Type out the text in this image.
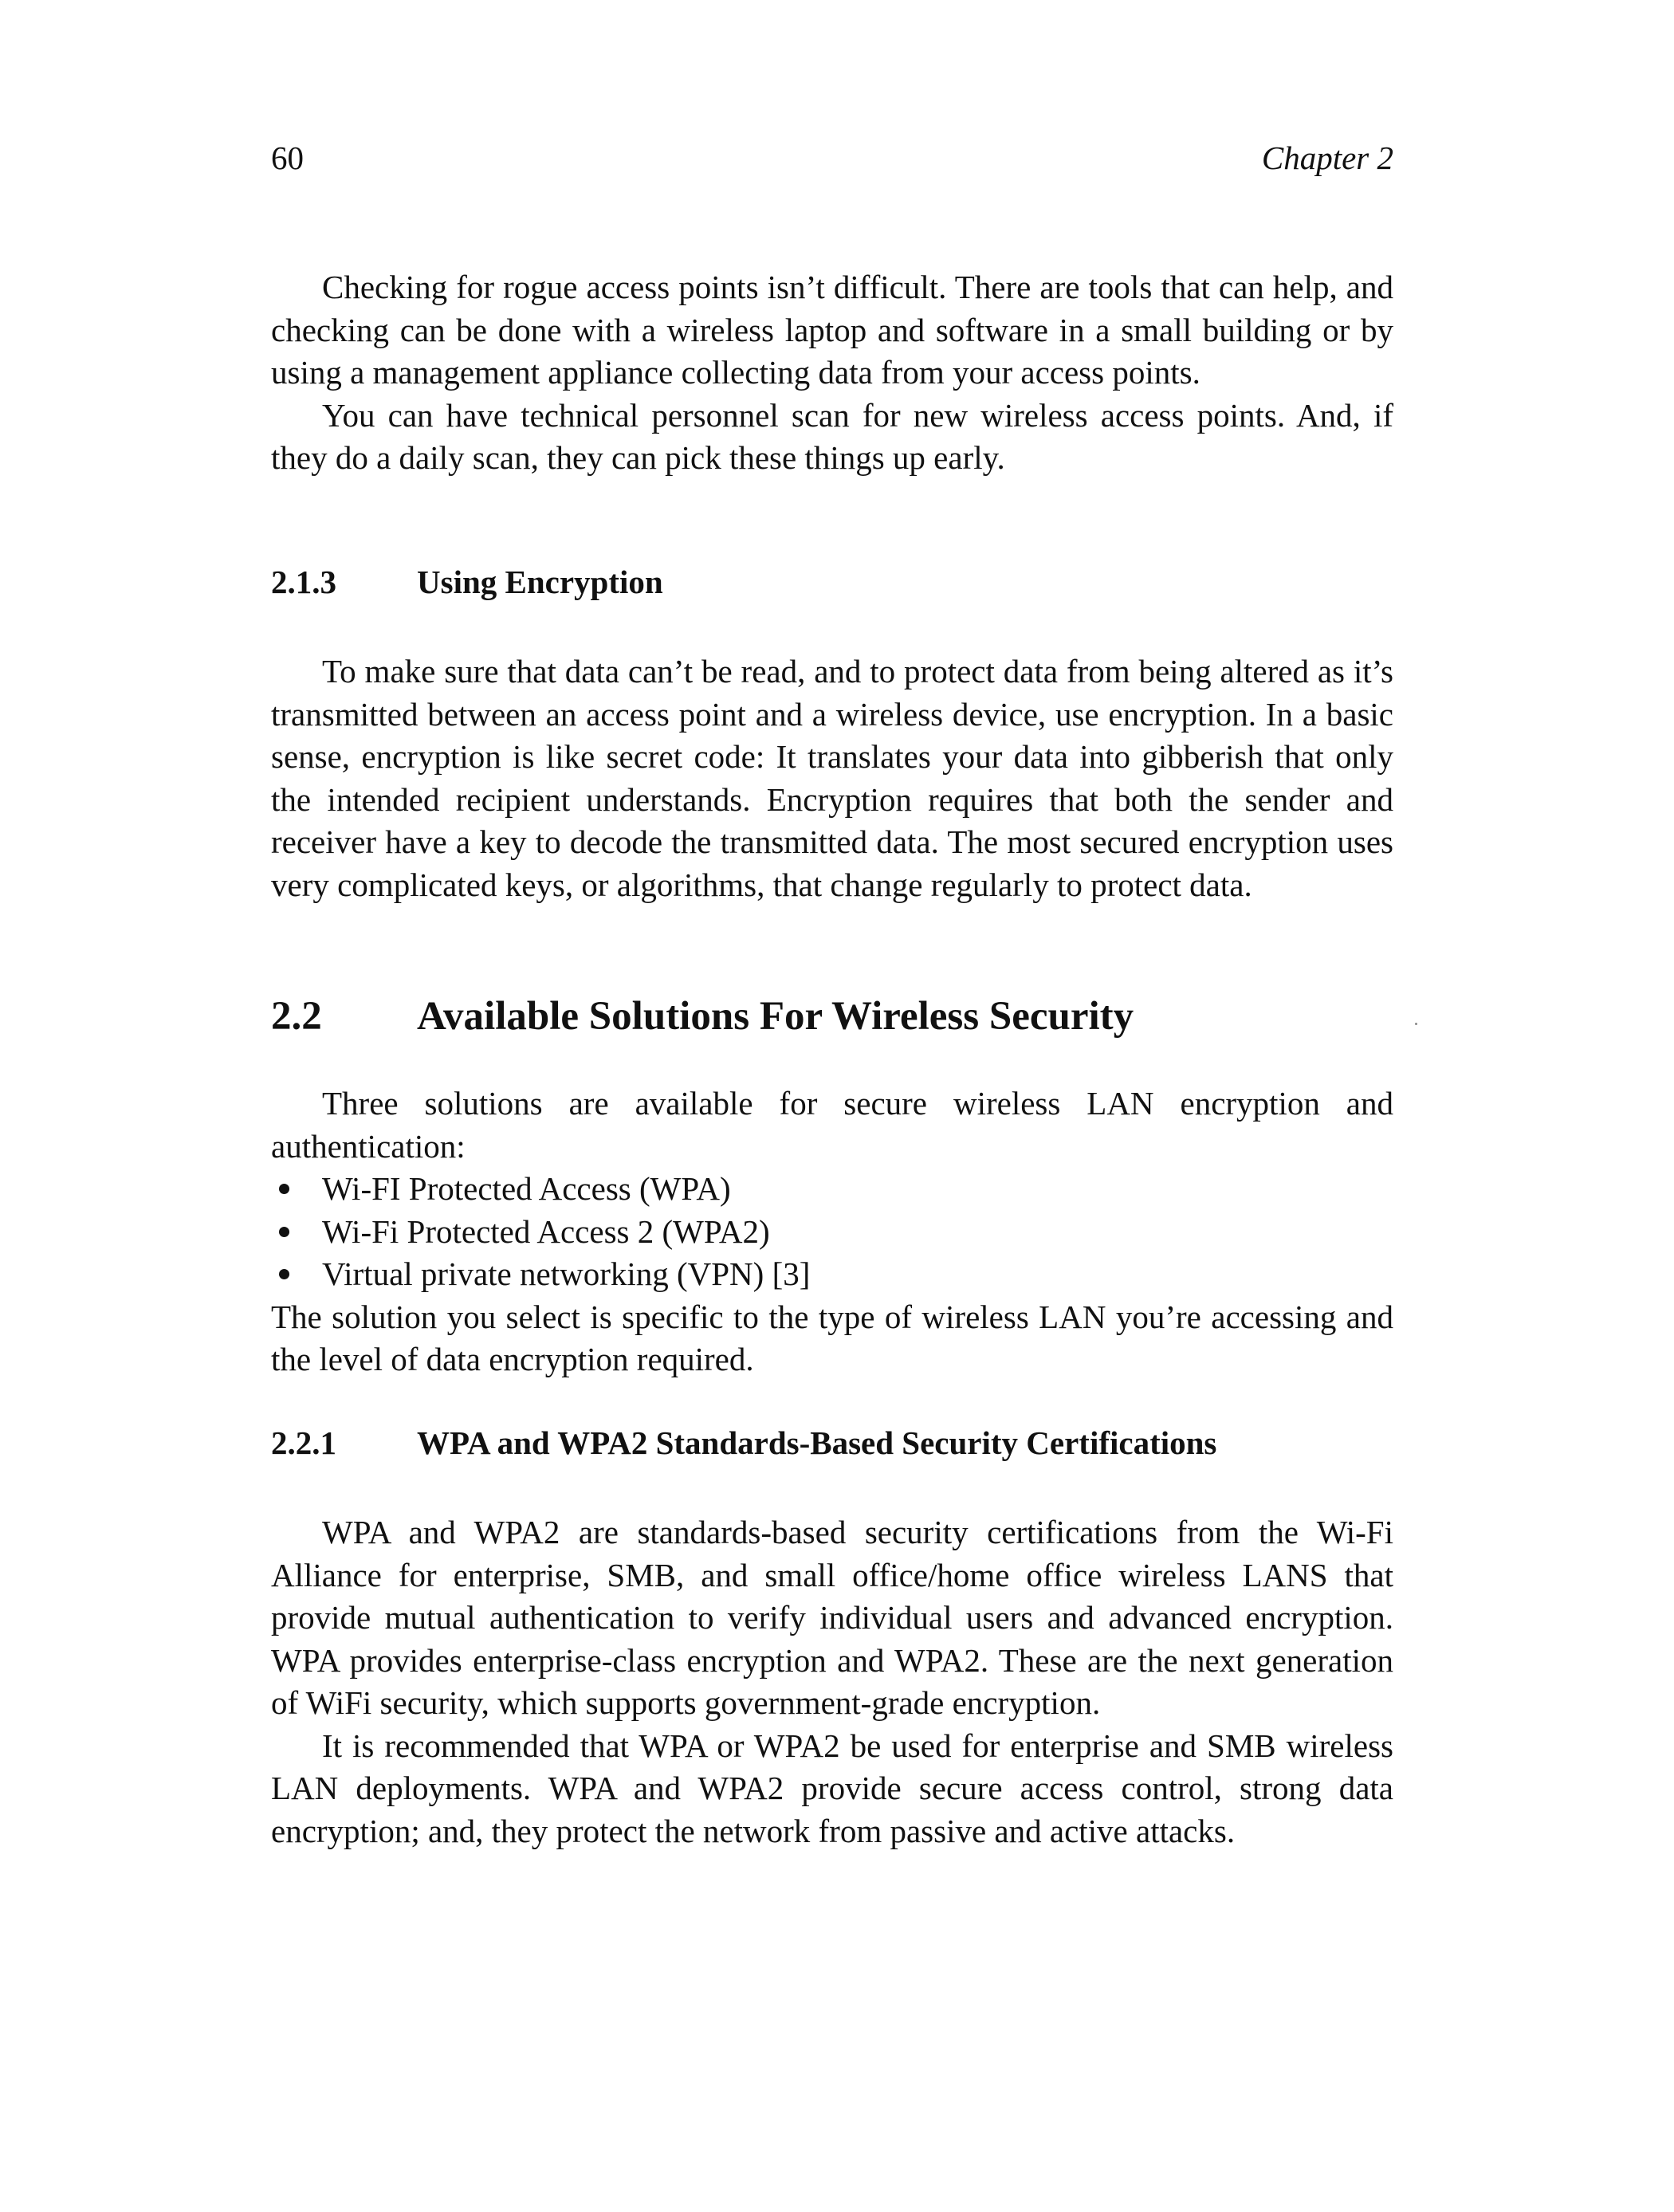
60	Chapter 2

Checking for rogue access points isn’t difficult. There are tools that can help, and checking can be done with a wireless laptop and software in a small building or by using a management appliance collecting data from your access points.

You can have technical personnel scan for new wireless access points. And, if they do a daily scan, they can pick these things up early.

2.1.3 Using Encryption

To make sure that data can’t be read, and to protect data from being altered as it’s transmitted between an access point and a wireless device, use encryption. In a basic sense, encryption is like secret code: It translates your data into gibberish that only the intended recipient understands. Encryption requires that both the sender and receiver have a key to decode the transmitted data. The most secured encryption uses very complicated keys, or algorithms, that change regularly to protect data.

2.2 Available Solutions For Wireless Security

Three solutions are available for secure wireless LAN encryption and authentication:

Wi-FI Protected Access (WPA)
Wi-Fi Protected Access 2 (WPA2)
Virtual private networking (VPN) [3]

The solution you select is specific to the type of wireless LAN you’re accessing and the level of data encryption required.

2.2.1 WPA and WPA2 Standards-Based Security Certifications

WPA and WPA2 are standards-based security certifications from the Wi-Fi Alliance for enterprise, SMB, and small office/home office wireless LANS that provide mutual authentication to verify individual users and advanced encryption. WPA provides enterprise-class encryption and WPA2. These are the next generation of WiFi security, which supports government-grade encryption.

It is recommended that WPA or WPA2 be used for enterprise and SMB wireless LAN deployments. WPA and WPA2 provide secure access control, strong data encryption; and, they protect the network from passive and active attacks.
